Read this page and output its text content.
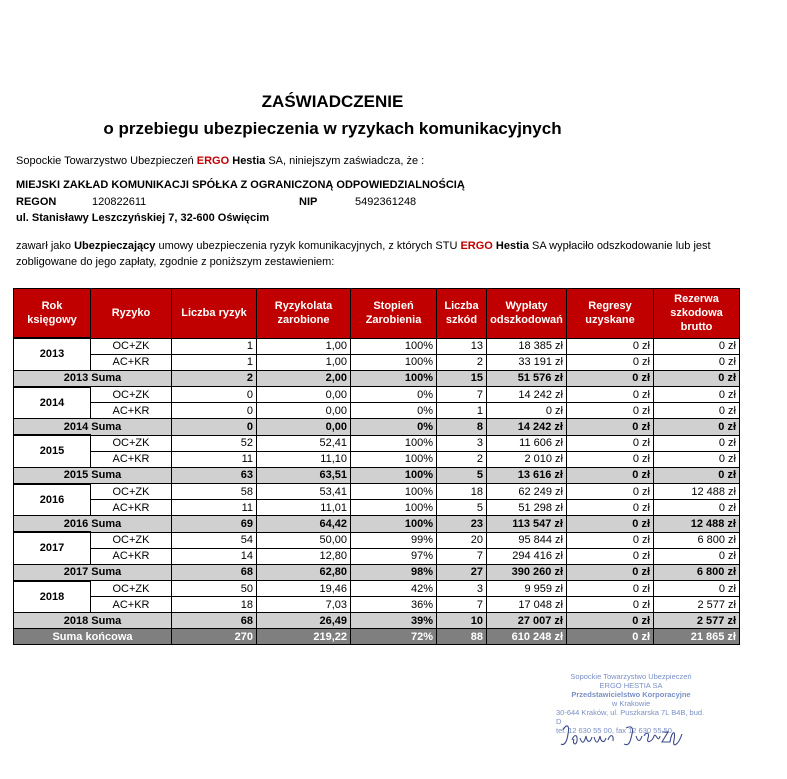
ZAŚWIADCZENIE
o przebiegu ubezpieczenia w ryzykach komunikacyjnych
Sopockie Towarzystwo Ubezpieczeń ERGO Hestia SA, niniejszym zaświadcza, że :
MIEJSKI ZAKŁAD KOMUNIKACJI SPÓŁKA Z OGRANICZONĄ ODPOWIEDZIALNOŚCIĄ
REGON	120822611	NIP	5492361248
ul. Stanisławy Leszczyńskiej 7, 32-600 Oświęcim
zawarł jako Ubezpieczający umowy ubezpieczenia ryzyk komunikacyjnych, z których STU ERGO Hestia SA wypłaciło odszkodowanie lub jest zobligowane do jego zapłaty, zgodnie z poniższym zestawieniem:
Rok księgowy	Ryzyko	Liczba ryzyk	Ryzykolata zarobione	Stopień Zarobienia	Liczba szkód	Wypłaty odszkodowań	Regresy uzyskane	Rezerwa szkodowa brutto
2013	OC+ZK	1	1,00	100%	13	18 385 zł	0 zł	0 zł
	AC+KR	1	1,00	100%	2	33 191 zł	0 zł	0 zł
2013 Suma		2	2,00	100%	15	51 576 zł	0 zł	0 zł
2014	OC+ZK	0	0,00	0%	7	14 242 zł	0 zł	0 zł
	AC+KR	0	0,00	0%	1	0 zł	0 zł	0 zł
2014 Suma		0	0,00	0%	8	14 242 zł	0 zł	0 zł
2015	OC+ZK	52	52,41	100%	3	11 606 zł	0 zł	0 zł
	AC+KR	11	11,10	100%	2	2 010 zł	0 zł	0 zł
2015 Suma		63	63,51	100%	5	13 616 zł	0 zł	0 zł
2016	OC+ZK	58	53,41	100%	18	62 249 zł	0 zł	12 488 zł
	AC+KR	11	11,01	100%	5	51 298 zł	0 zł	0 zł
2016 Suma		69	64,42	100%	23	113 547 zł	0 zł	12 488 zł
2017	OC+ZK	54	50,00	99%	20	95 844 zł	0 zł	6 800 zł
	AC+KR	14	12,80	97%	7	294 416 zł	0 zł	0 zł
2017 Suma		68	62,80	98%	27	390 260 zł	0 zł	6 800 zł
2018	OC+ZK	50	19,46	42%	3	9 959 zł	0 zł	0 zł
	AC+KR	18	7,03	36%	7	17 048 zł	0 zł	2 577 zł
2018 Suma		68	26,49	39%	10	27 007 zł	0 zł	2 577 zł
Suma końcowa		270	219,22	72%	88	610 248 zł	0 zł	21 865 zł
Sopockie Towarzystwo Ubezpieczeń
ERGO HESTIA SA
Przedstawicielstwo Korporacyjne
w Krakowie
30-644 Kraków, ul. Puszkarska 7L B4B, bud. D
tel. 12 630 55 00, fax 12 630 55 50
